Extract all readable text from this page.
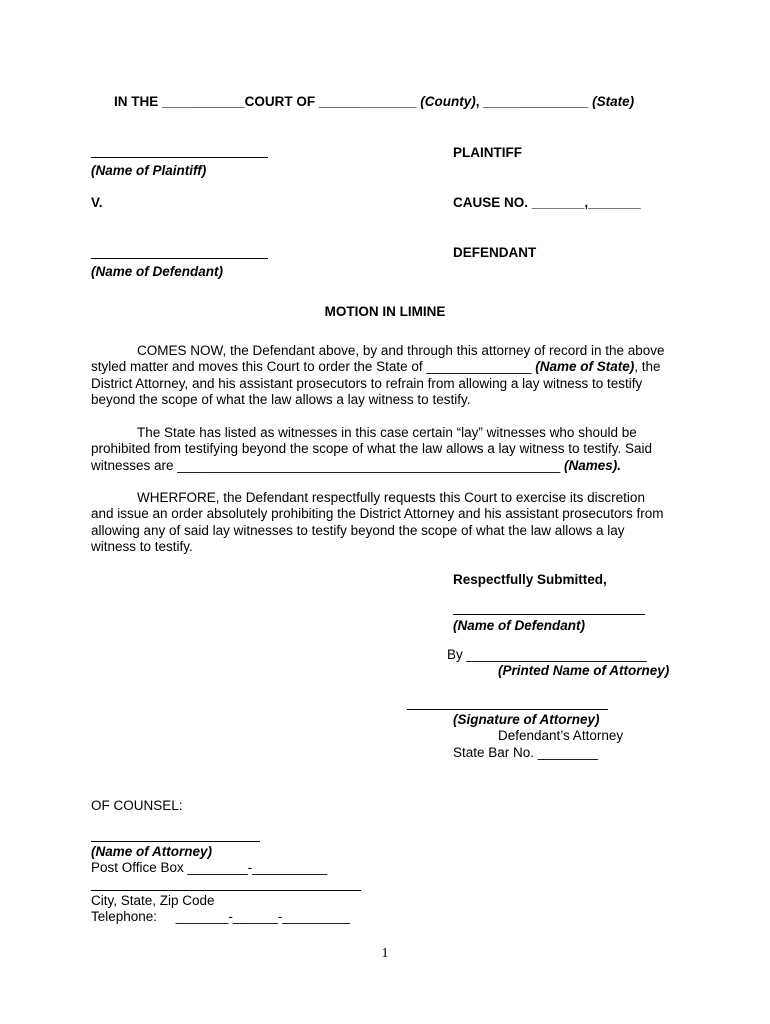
IN THE ___________COURT OF _____________ (County), ______________ (State)
(Name of Plaintiff)
PLAINTIFF
V.	CAUSE NO. _______,_______
(Name of Defendant)
DEFENDANT
MOTION IN LIMINE
COMES NOW, the Defendant above, by and through this attorney of record in the above
styled matter and moves this Court to order the State of ______________ (Name of State), the
District Attorney, and his assistant prosecutors to refrain from allowing a lay witness to testify
beyond the scope of what the law allows a lay witness to testify.
The State has listed as witnesses in this case certain “lay” witnesses who should be
prohibited from testifying beyond the scope of what the law allows a lay witness to testify. Said
witnesses are ___________________________________________________ (Names).
WHERFORE, the Defendant respectfully requests this Court to exercise its discretion
and issue an order absolutely prohibiting the District Attorney and his assistant prosecutors from
allowing any of said lay witnesses to testify beyond the scope of what the law allows a lay
witness to testify.
Respectfully Submitted,
(Name of Defendant)
By ________________________
(Printed Name of Attorney)
(Signature of Attorney)
Defendant’s Attorney
State Bar No. ________
OF COUNSEL:
(Name of Attorney)
Post Office Box ________-__________
City, State, Zip Code
Telephone:     _______-______-_________
1
